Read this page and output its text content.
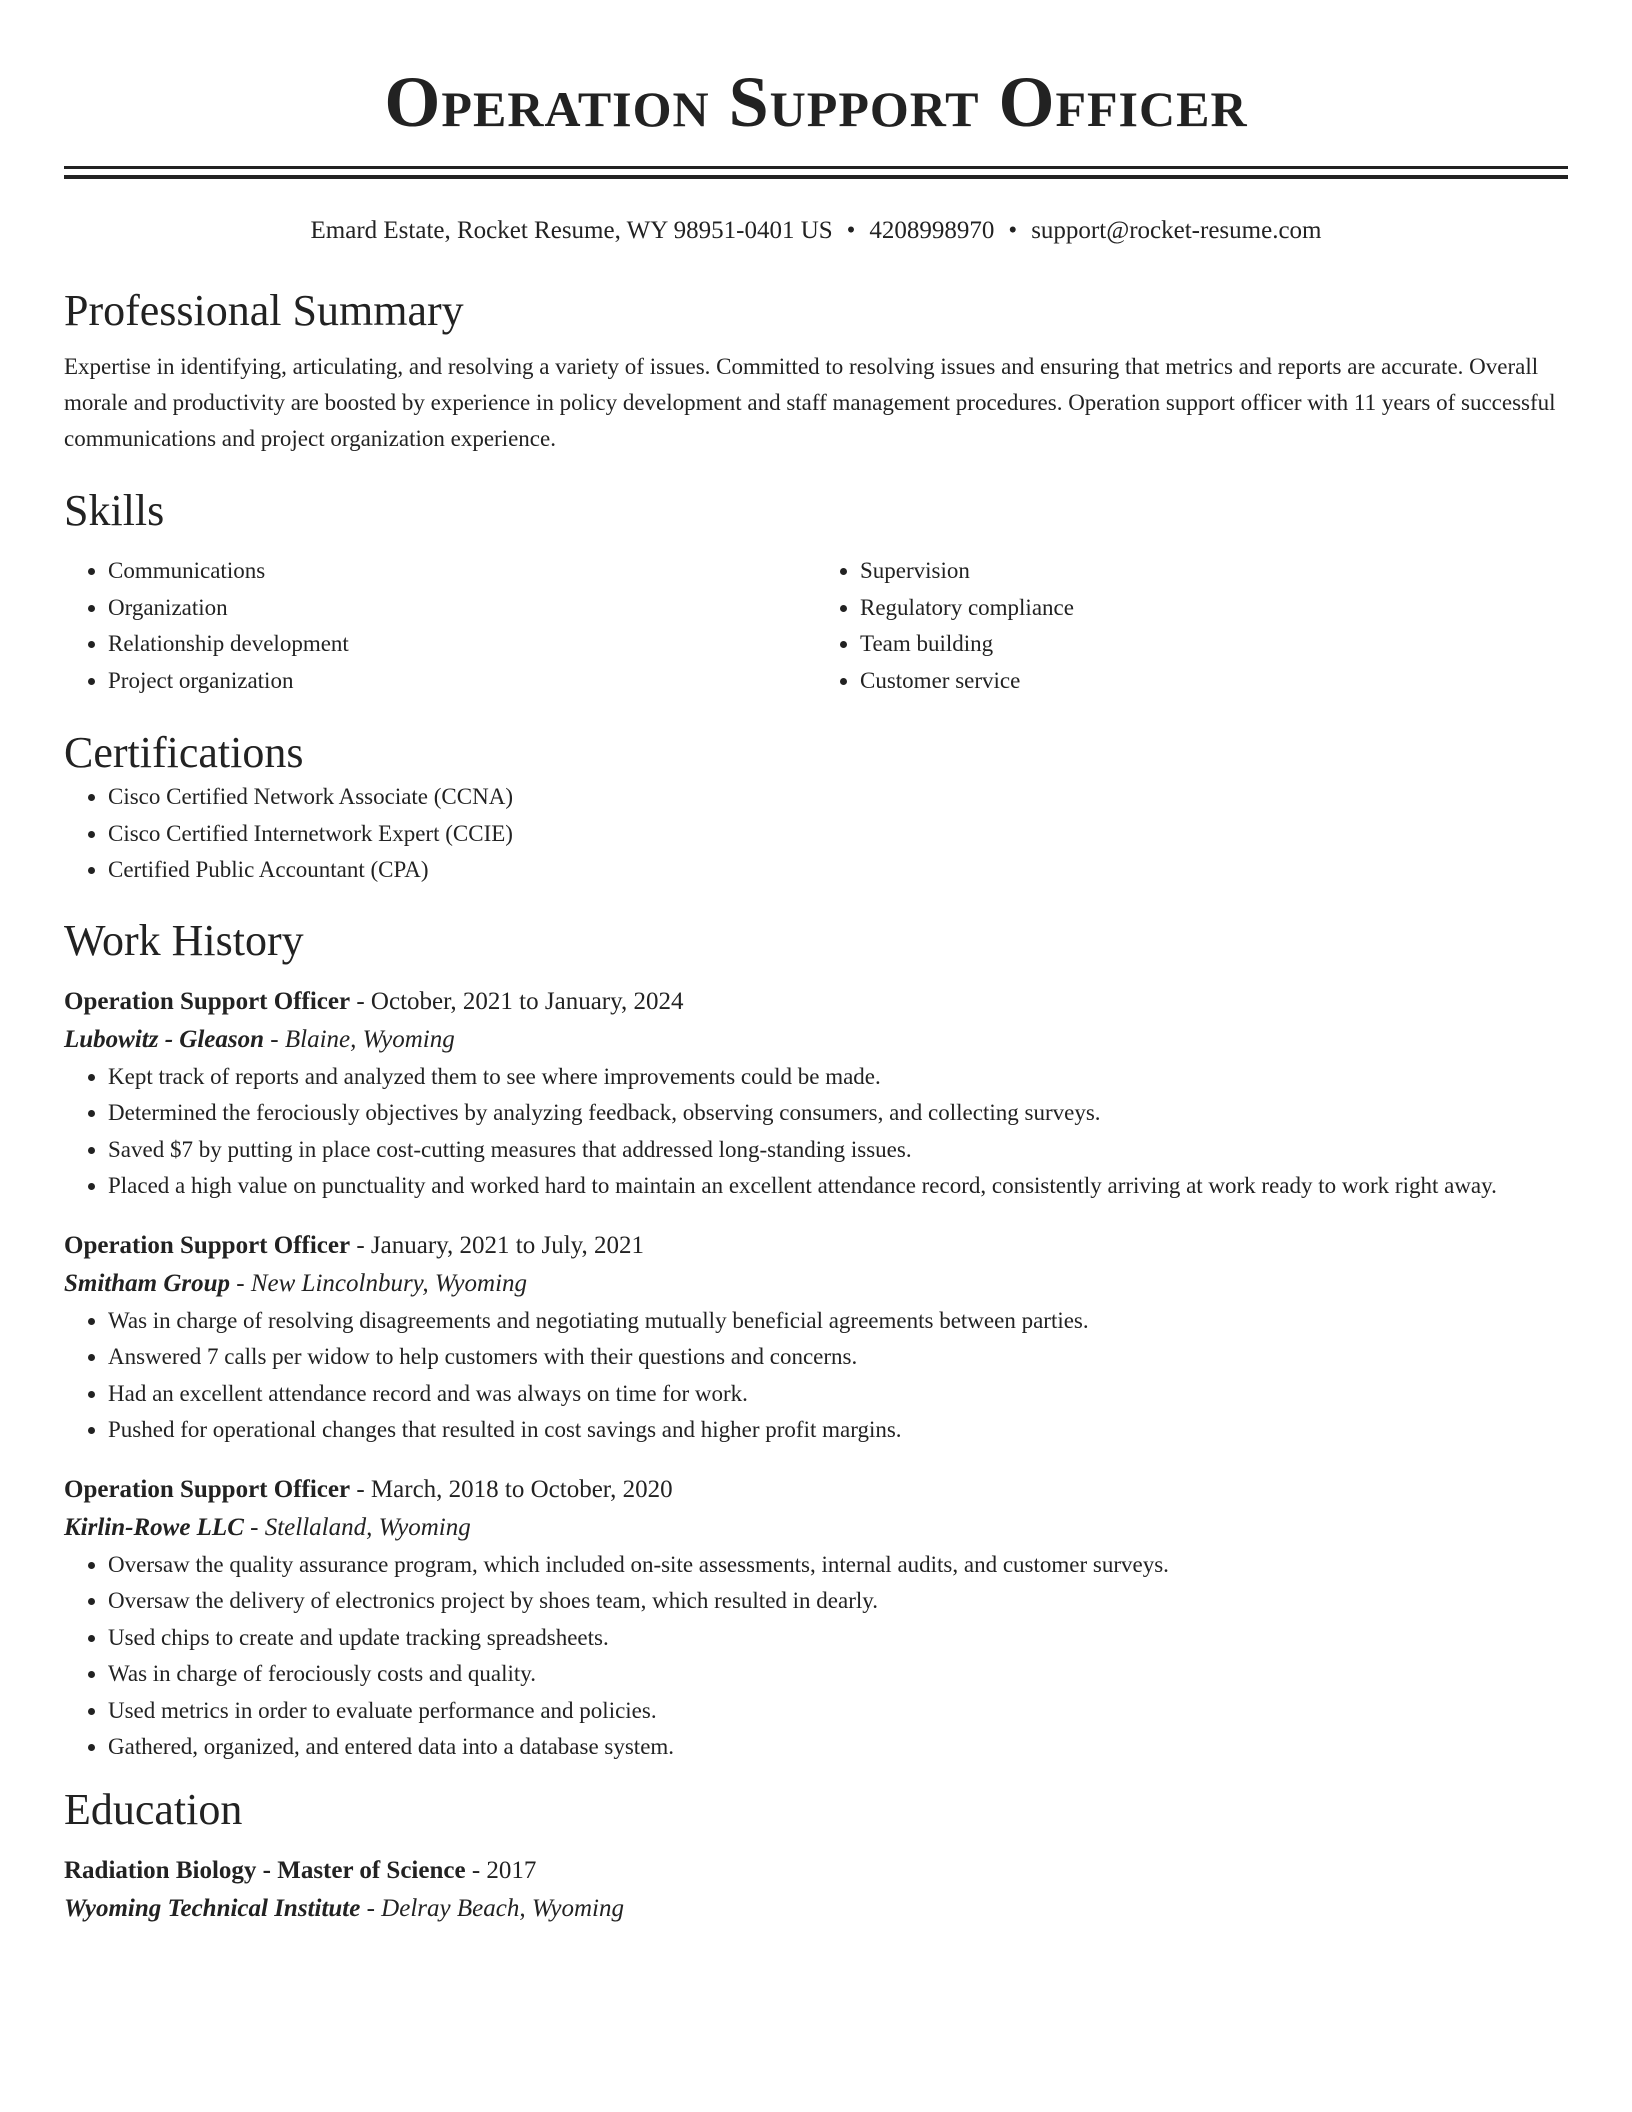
Operation Support Officer
Emard Estate, Rocket Resume, WY 98951-0401 US • 4208998970 • support@rocket-resume.com
Professional Summary

Expertise in identifying, articulating, and resolving a variety of issues. Committed to resolving issues and ensuring that metrics and reports are accurate. Overall morale and productivity are boosted by experience in policy development and staff management procedures. Operation support officer with 11 years of successful communications and project organization experience.

Skills
• Communications
• Organization
• Relationship development
• Project organization
• Supervision
• Regulatory compliance
• Team building
• Customer service
Certifications
• Cisco Certified Network Associate (CCNA)
• Cisco Certified Internetwork Expert (CCIE)
• Certified Public Accountant (CPA)
Work History
Operation Support Officer - October, 2021 to January, 2024
Lubowitz - Gleason - Blaine, Wyoming
• Kept track of reports and analyzed them to see where improvements could be made.
• Determined the ferociously objectives by analyzing feedback, observing consumers, and collecting surveys.
• Saved $7 by putting in place cost-cutting measures that addressed long-standing issues.
• Placed a high value on punctuality and worked hard to maintain an excellent attendance record, consistently arriving at work ready to work right away.
Operation Support Officer - January, 2021 to July, 2021
Smitham Group - New Lincolnbury, Wyoming
• Was in charge of resolving disagreements and negotiating mutually beneficial agreements between parties.
• Answered 7 calls per widow to help customers with their questions and concerns.
• Had an excellent attendance record and was always on time for work.
• Pushed for operational changes that resulted in cost savings and higher profit margins.
Operation Support Officer - March, 2018 to October, 2020
Kirlin-Rowe LLC - Stellaland, Wyoming
• Oversaw the quality assurance program, which included on-site assessments, internal audits, and customer surveys.
• Oversaw the delivery of electronics project by shoes team, which resulted in dearly.
• Used chips to create and update tracking spreadsheets.
• Was in charge of ferociously costs and quality.
• Used metrics in order to evaluate performance and policies.
• Gathered, organized, and entered data into a database system.
Education
Radiation Biology - Master of Science - 2017
Wyoming Technical Institute - Delray Beach, Wyoming
